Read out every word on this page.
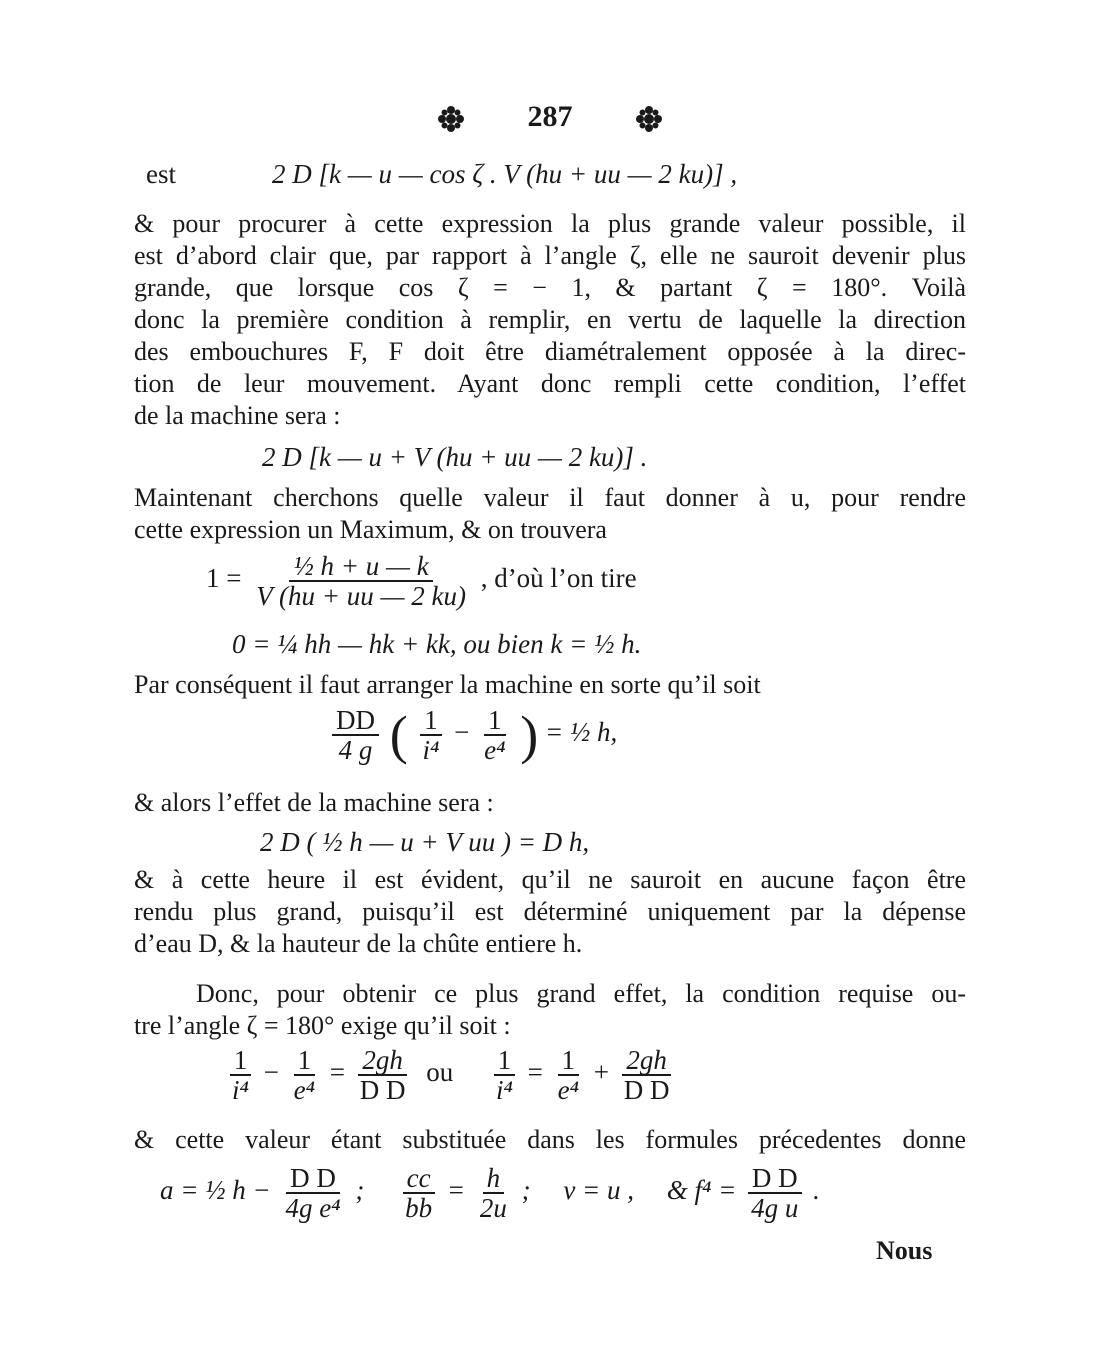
287
est	2 D [k — u — cos ζ . V (hu + uu — 2 ku)] ,
& pour procurer à cette expression la plus grande valeur possible, il
est d’abord clair que, par rapport à l’angle ζ, elle ne sauroit devenir plus
grande, que lorsque cos ζ = − 1, & partant ζ = 180°. Voilà
donc la première condition à remplir, en vertu de laquelle la direction
des embouchures F, F doit être diamétralement opposée à la direc-
tion de leur mouvement. Ayant donc rempli cette condition, l’effet
de la machine sera :
2 D [k — u + V (hu + uu — 2 ku)] .
Maintenant cherchons quelle valeur il faut donner à u, pour rendre
cette expression un Maximum, & on trouvera
$1 = \frac{\text{½ h + u — k}}{V (hu + uu — 2 ku)}$ , d’où l’on tire
0 = ¼ hh — hk + kk, ou bien k = ½ h.
Par conséquent il faut arranger la machine en sorte qu’il soit
$\frac{DD}{4 g}$ ( $\frac{1}{\text{i⁴}} - \frac{1}{\text{e⁴}}$ ) = ½ h,
& alors l’effet de la machine sera :
2 D ( ½ h — u + V uu ) = D h,
& à cette heure il est évident, qu’il ne sauroit en aucune façon être
rendu plus grand, puisqu’il est déterminé uniquement par la dépense
d’eau D, & la hauteur de la chûte entiere h.
Donc, pour obtenir ce plus grand effet, la condition requise ou-
tre l’angle ζ = 180° exige qu’il soit :
$\frac{1}{\text{i⁴}} - \frac{1}{\text{e⁴}} = \frac{2gh}{\text{D D}}$ ou $\frac{1}{\text{i⁴}} = \frac{1}{\text{e⁴}} + \frac{2gh}{\text{D D}}$
& cette valeur étant substituée dans les formules précedentes donne
a = ½ $h - \frac{\text{D D}}{\text{4g e⁴}}$ ; $\frac{cc}{bb} = \frac{h}{2u}$ ; v = u , & $f^4 = \frac{\text{D D}}{\text{4g u}}$ .
Nous
